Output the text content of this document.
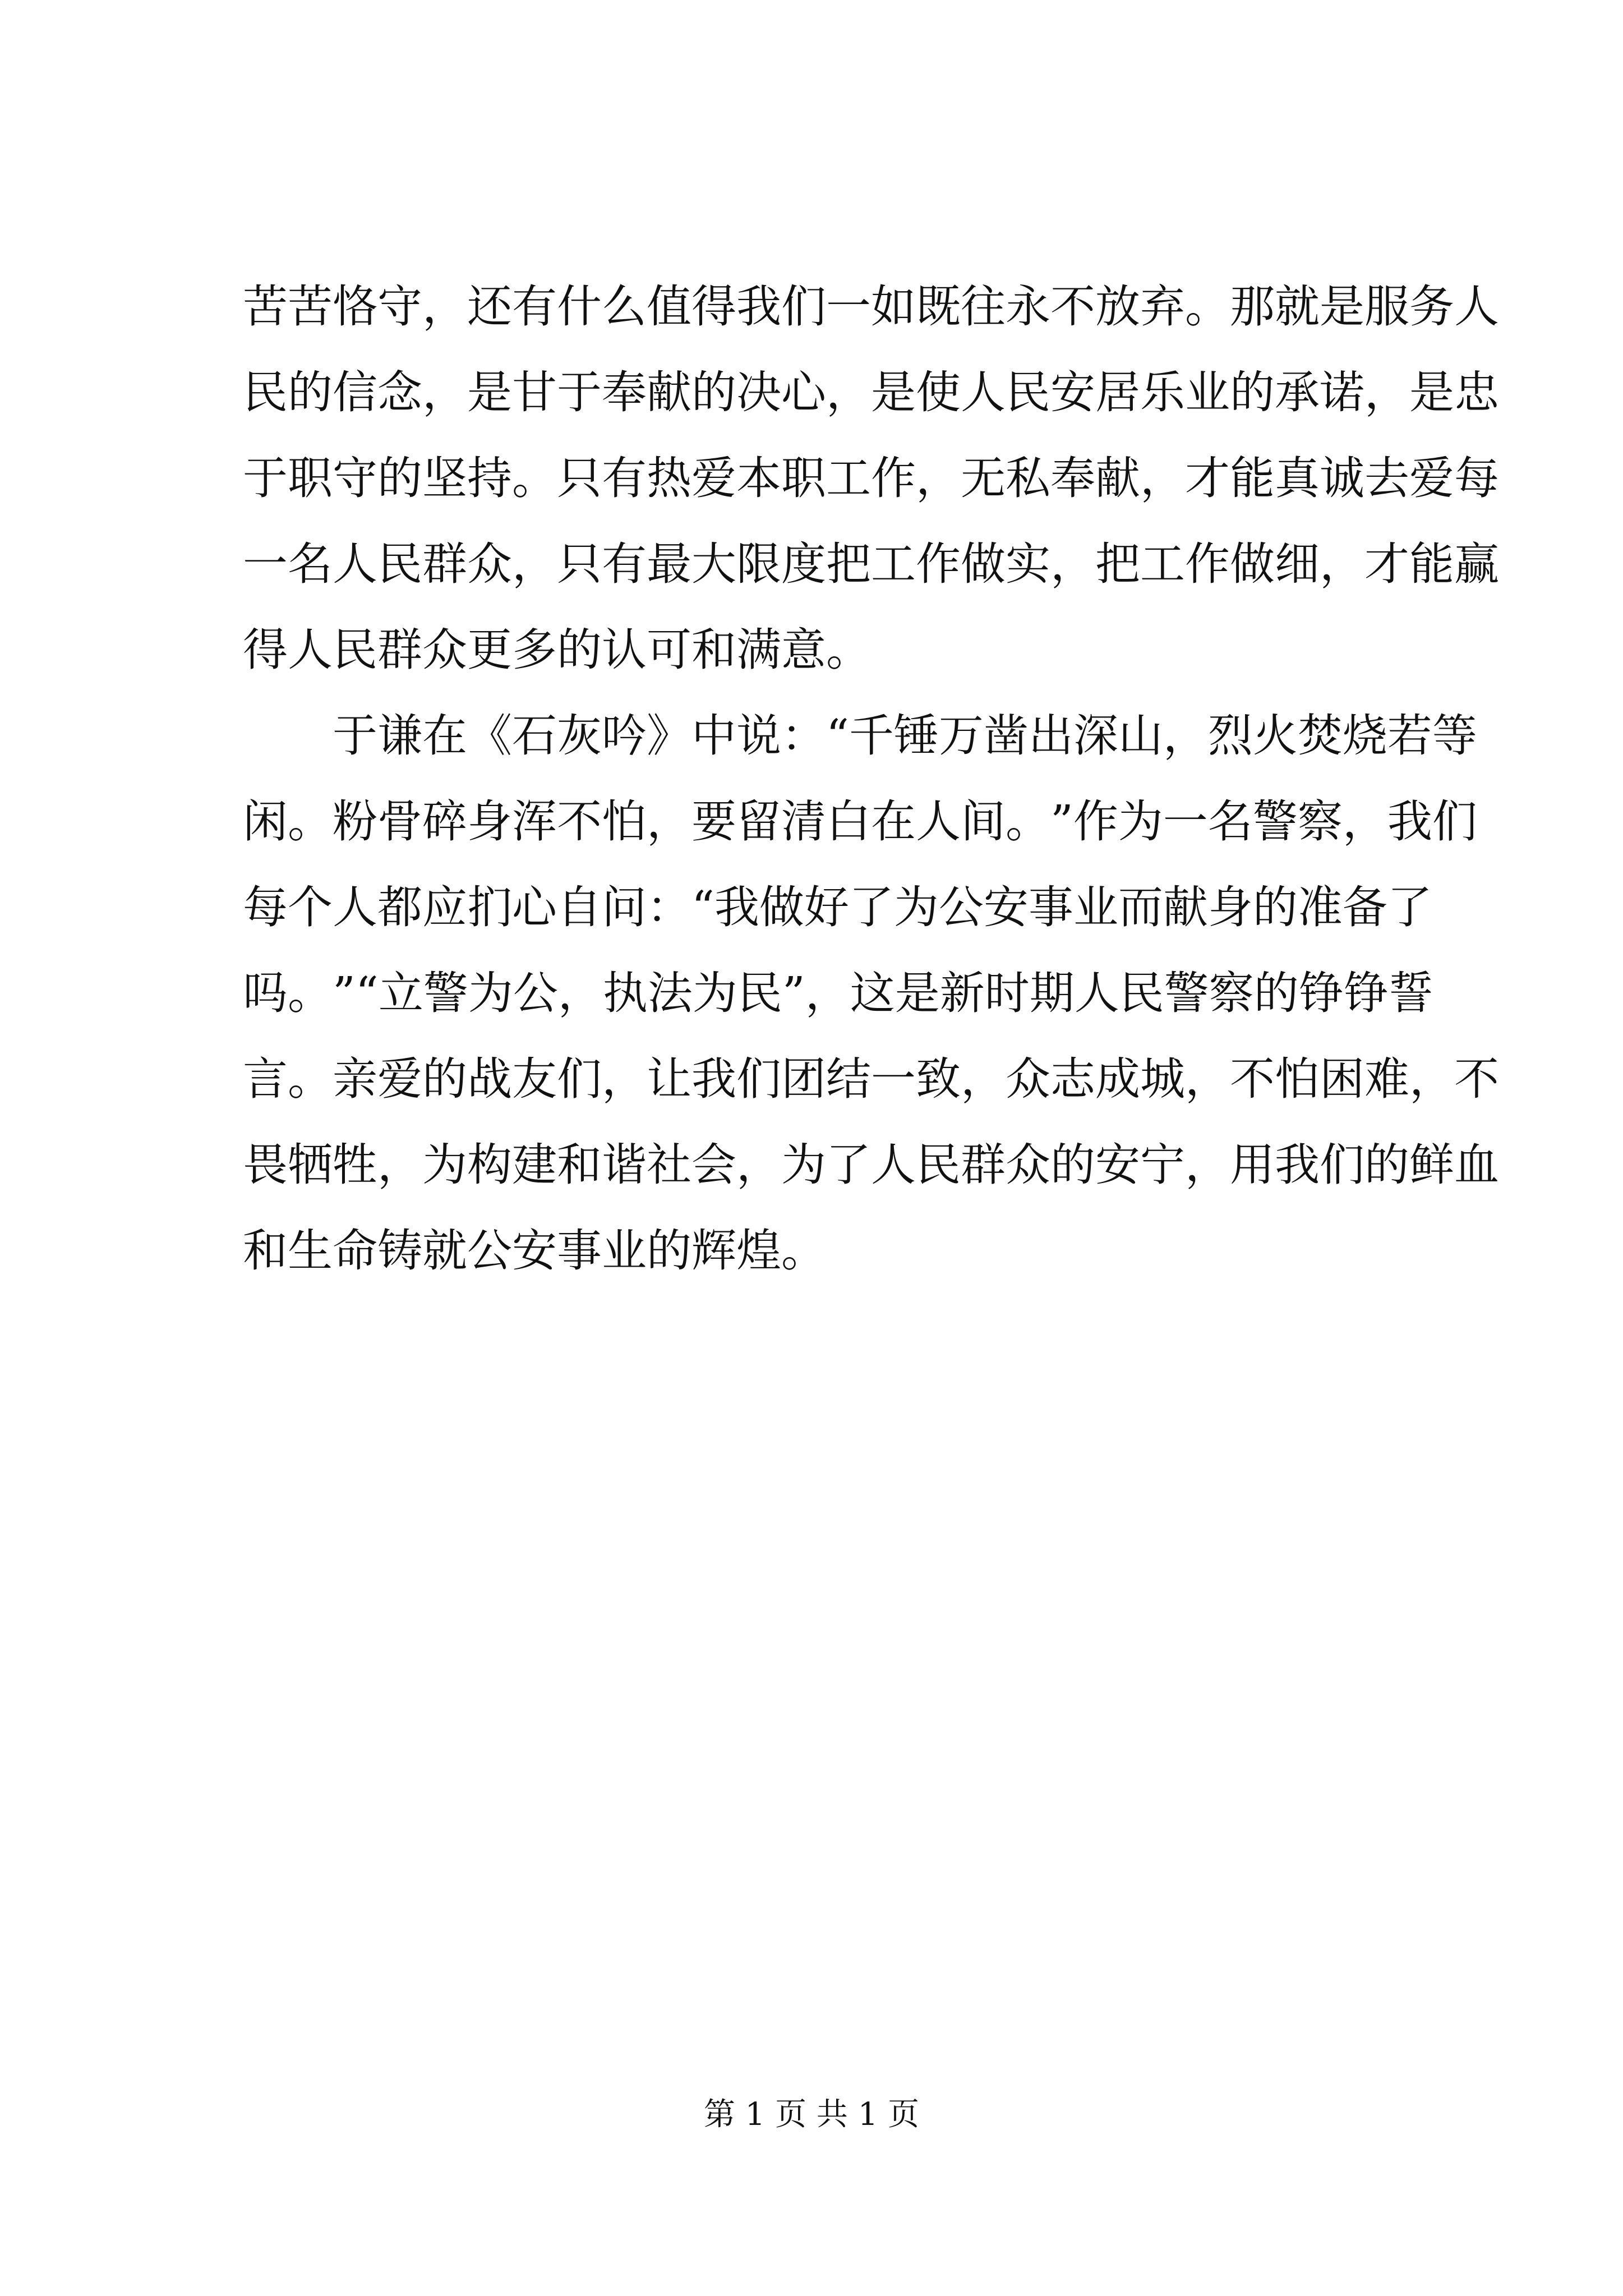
苦 苦 恪 守 ， 还 有 什 么 值 得 我 们 一 如 既 往 永 不 放 弃 。 那 就 是 服 务 人
民 的 信 念 ， 是 甘 于 奉 献 的 决 心 ， 是 使 人 民 安 居 乐 业 的 承 诺 ， 是 忠
于 职 守 的 坚 持 。 只 有 热 爱 本 职 工 作 ， 无 私 奉 献 ， 才 能 真 诚 去 爱 每
一 名 人 民 群 众 ， 只 有 最 大 限 度 把 工 作 做 实 ， 把 工 作 做 细 ， 才 能 赢
得人民群众更多的认可和满意。
于 谦 在 《 石 灰 吟 》 中 说 ： “ 千 锤 万 凿 出 深 山 ， 烈 火 焚 烧 若 等
闲 。 粉 骨 碎 身 浑 不 怕 ， 要 留 清 白 在 人 间 。 ” 作 为 一 名 警 察 ， 我 们
每 个 人 都 应 扪 心 自 问 ： “ 我 做 好 了 为 公 安 事 业 而 献 身 的 准 备 了
吗 。 ” “ 立 警 为 公 ， 执 法 为 民 ” ， 这 是 新 时 期 人 民 警 察 的 铮 铮 誓
言 。 亲 爱 的 战 友 们 ， 让 我 们 团 结 一 致 ， 众 志 成 城 ， 不 怕 困 难 ， 不
畏 牺 牲 ， 为 构 建 和 谐 社 会 ， 为 了 人 民 群 众 的 安 宁 ， 用 我 们 的 鲜 血
和生命铸就公安事业的辉煌。
第 1 页 共 1 页
